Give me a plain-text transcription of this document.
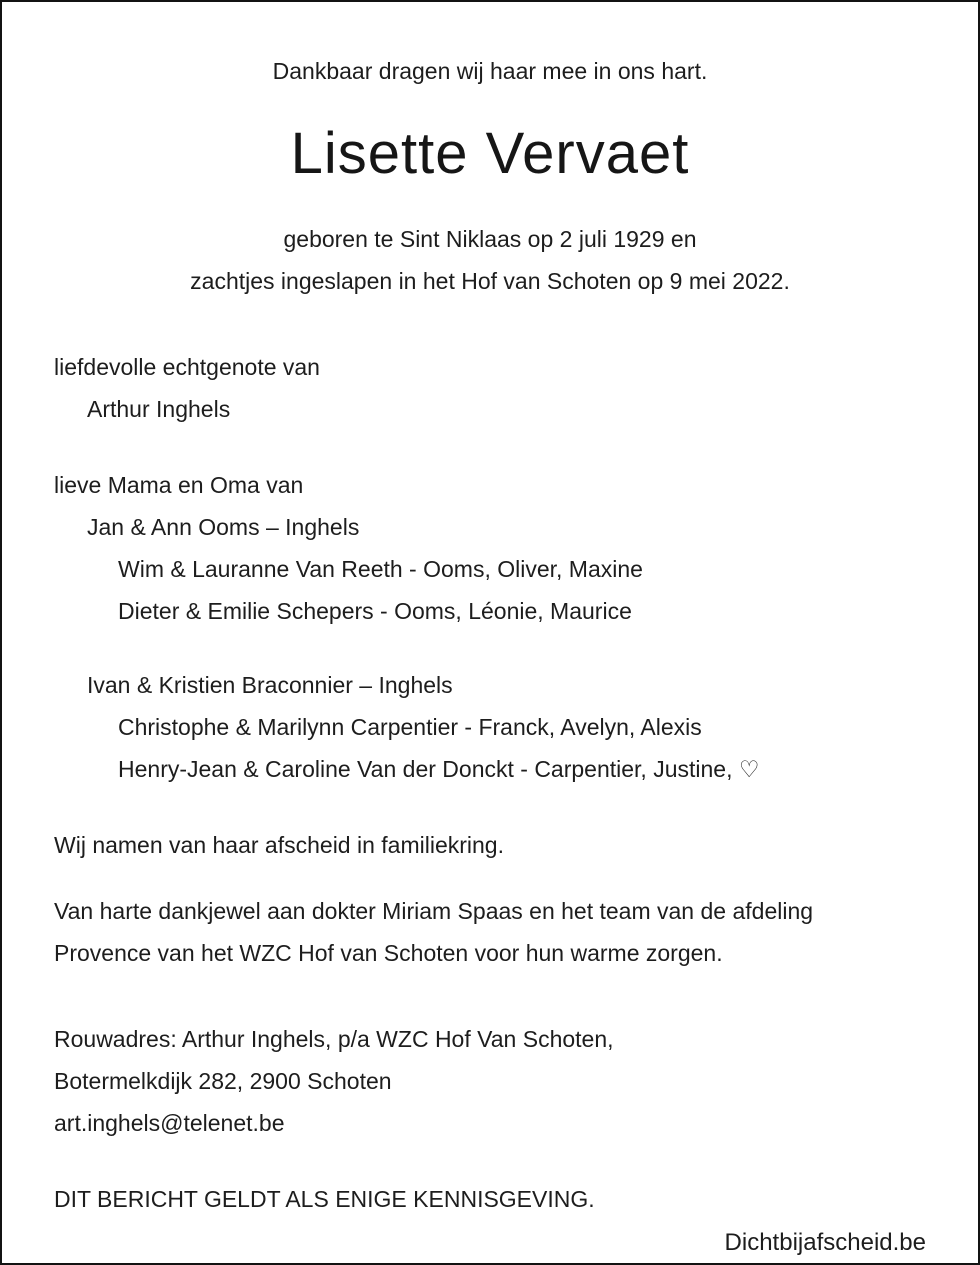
Dankbaar dragen wij haar mee in ons hart.

Lisette Vervaet
geboren te Sint Niklaas op 2 juli 1929 en
zachtjes ingeslapen in het Hof van Schoten op 9 mei 2022.
liefdevolle echtgenote van
Arthur Inghels
lieve Mama en Oma van
Jan & Ann Ooms – Inghels
Wim & Lauranne Van Reeth - Ooms, Oliver, Maxine
Dieter & Emilie Schepers - Ooms, Léonie, Maurice
Ivan & Kristien Braconnier – Inghels
Christophe & Marilynn Carpentier - Franck, Avelyn, Alexis
Henry-Jean & Caroline Van der Donckt - Carpentier, Justine, ♡

Wij namen van haar afscheid in familiekring.

Van harte dankjewel aan dokter Miriam Spaas en het team van de afdeling
Provence van het WZC Hof van Schoten voor hun warme zorgen.
Rouwadres: Arthur Inghels, p/a WZC Hof Van Schoten,
Botermelkdijk 282, 2900 Schoten
art.inghels@telenet.be

DIT BERICHT GELDT ALS ENIGE KENNISGEVING.

Dichtbijafscheid.be
